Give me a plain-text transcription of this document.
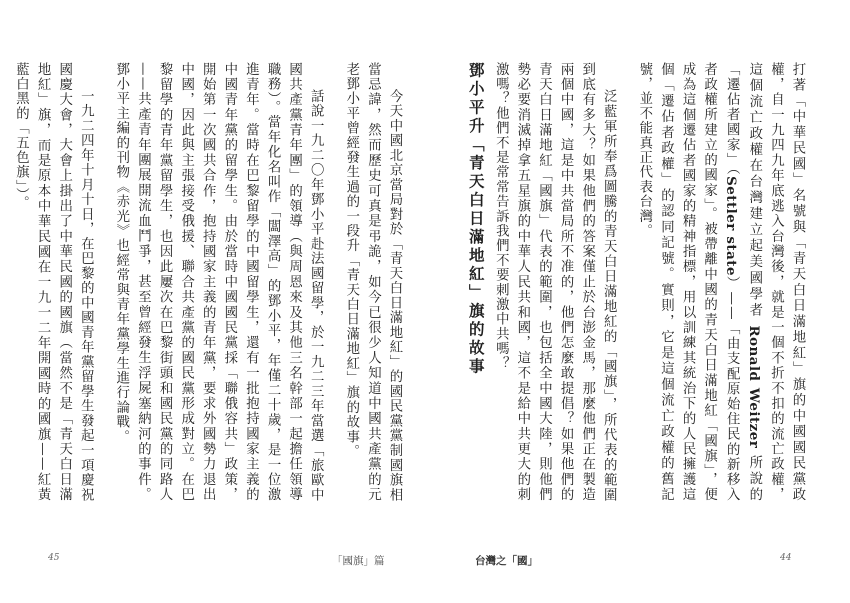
打著「中華民國」名號與「青天白日滿地紅」旗的中國國民黨政權，自一九四九年底逃入台灣後，就是一個不折不扣的流亡政權，這個流亡政權在台灣建立起美國學者 Ronald Weitzer 所說的「遷佔者國家」（Settler state）——「由支配原始住民的新移入者政權所建立的國家」。被帶離中國的青天白日滿地紅「國旗」，便成為這個遷佔者國家的精神指標，用以訓練其統治下的人民擁護這個「遷佔者政權」的認同記號。實則，它是這個流亡政權的舊記號，並不能真正代表台灣。
泛藍軍所奉爲圖騰的青天白日滿地紅的「國旗」，所代表的範圍到底有多大？如果他們的答案僅止於台澎金馬，那麼他們正在製造兩個中國，這是中共當局所不准的，他們怎麼敢提倡？如果他們的青天白日滿地紅「國旗」代表的範圍，也包括全中國大陸，則他們勢必要消滅掉拿五星旗的中華人民共和國，這不是給中共更大的刺激嗎？他們不是常常告訴我們不要刺激中共嗎？
鄧小平升「青天白日滿地紅」旗的故事
台灣之「國」	44
今天中國北京當局對於「青天白日滿地紅」的國民黨黨制國旗相當忌諱，然而歷史可真是弔詭，如今已很少人知道中國共產黨的元老鄧小平曾經發生過的一段升「青天白日滿地紅」旗的故事。
話說一九二〇年鄧小平赴法國留學，於一九二三年當選「旅歐中國共產黨青年團」的領導（與周恩來及其他三名幹部一起擔任領導職務）。當年化名叫作「闆澤高」的鄧小平，年僅二十歲，是一位激進青年。當時在巴黎留學的中國留學生，還有一批抱持國家主義的中國青年黨的留學生。由於當時中國國民黨採「聯俄容共」政策，開始第一次國共合作，抱持國家主義的青年黨，要求外國勢力退出中國，因此與主張接受俄援、聯合共產黨的國民黨形成對立。在巴黎留學的青年黨留學生，也因此屢次在巴黎街頭和國民黨的同路人——共產青年團展開流血鬥爭，甚至曾經發生浮屍塞納河的事件。鄧小平主編的刊物《赤光》也經常與青年黨學生進行論戰。
一九二四年十月十日，在巴黎的中國青年黨留學生發起一項慶祝國慶大會，大會上掛出了中華民國的國旗（當然不是「青天白日滿地紅」旗，而是原本中華民國在一九一二年開國時的國旗——紅黃藍白黑的「五色旗」）。
45	「國旗」篇
